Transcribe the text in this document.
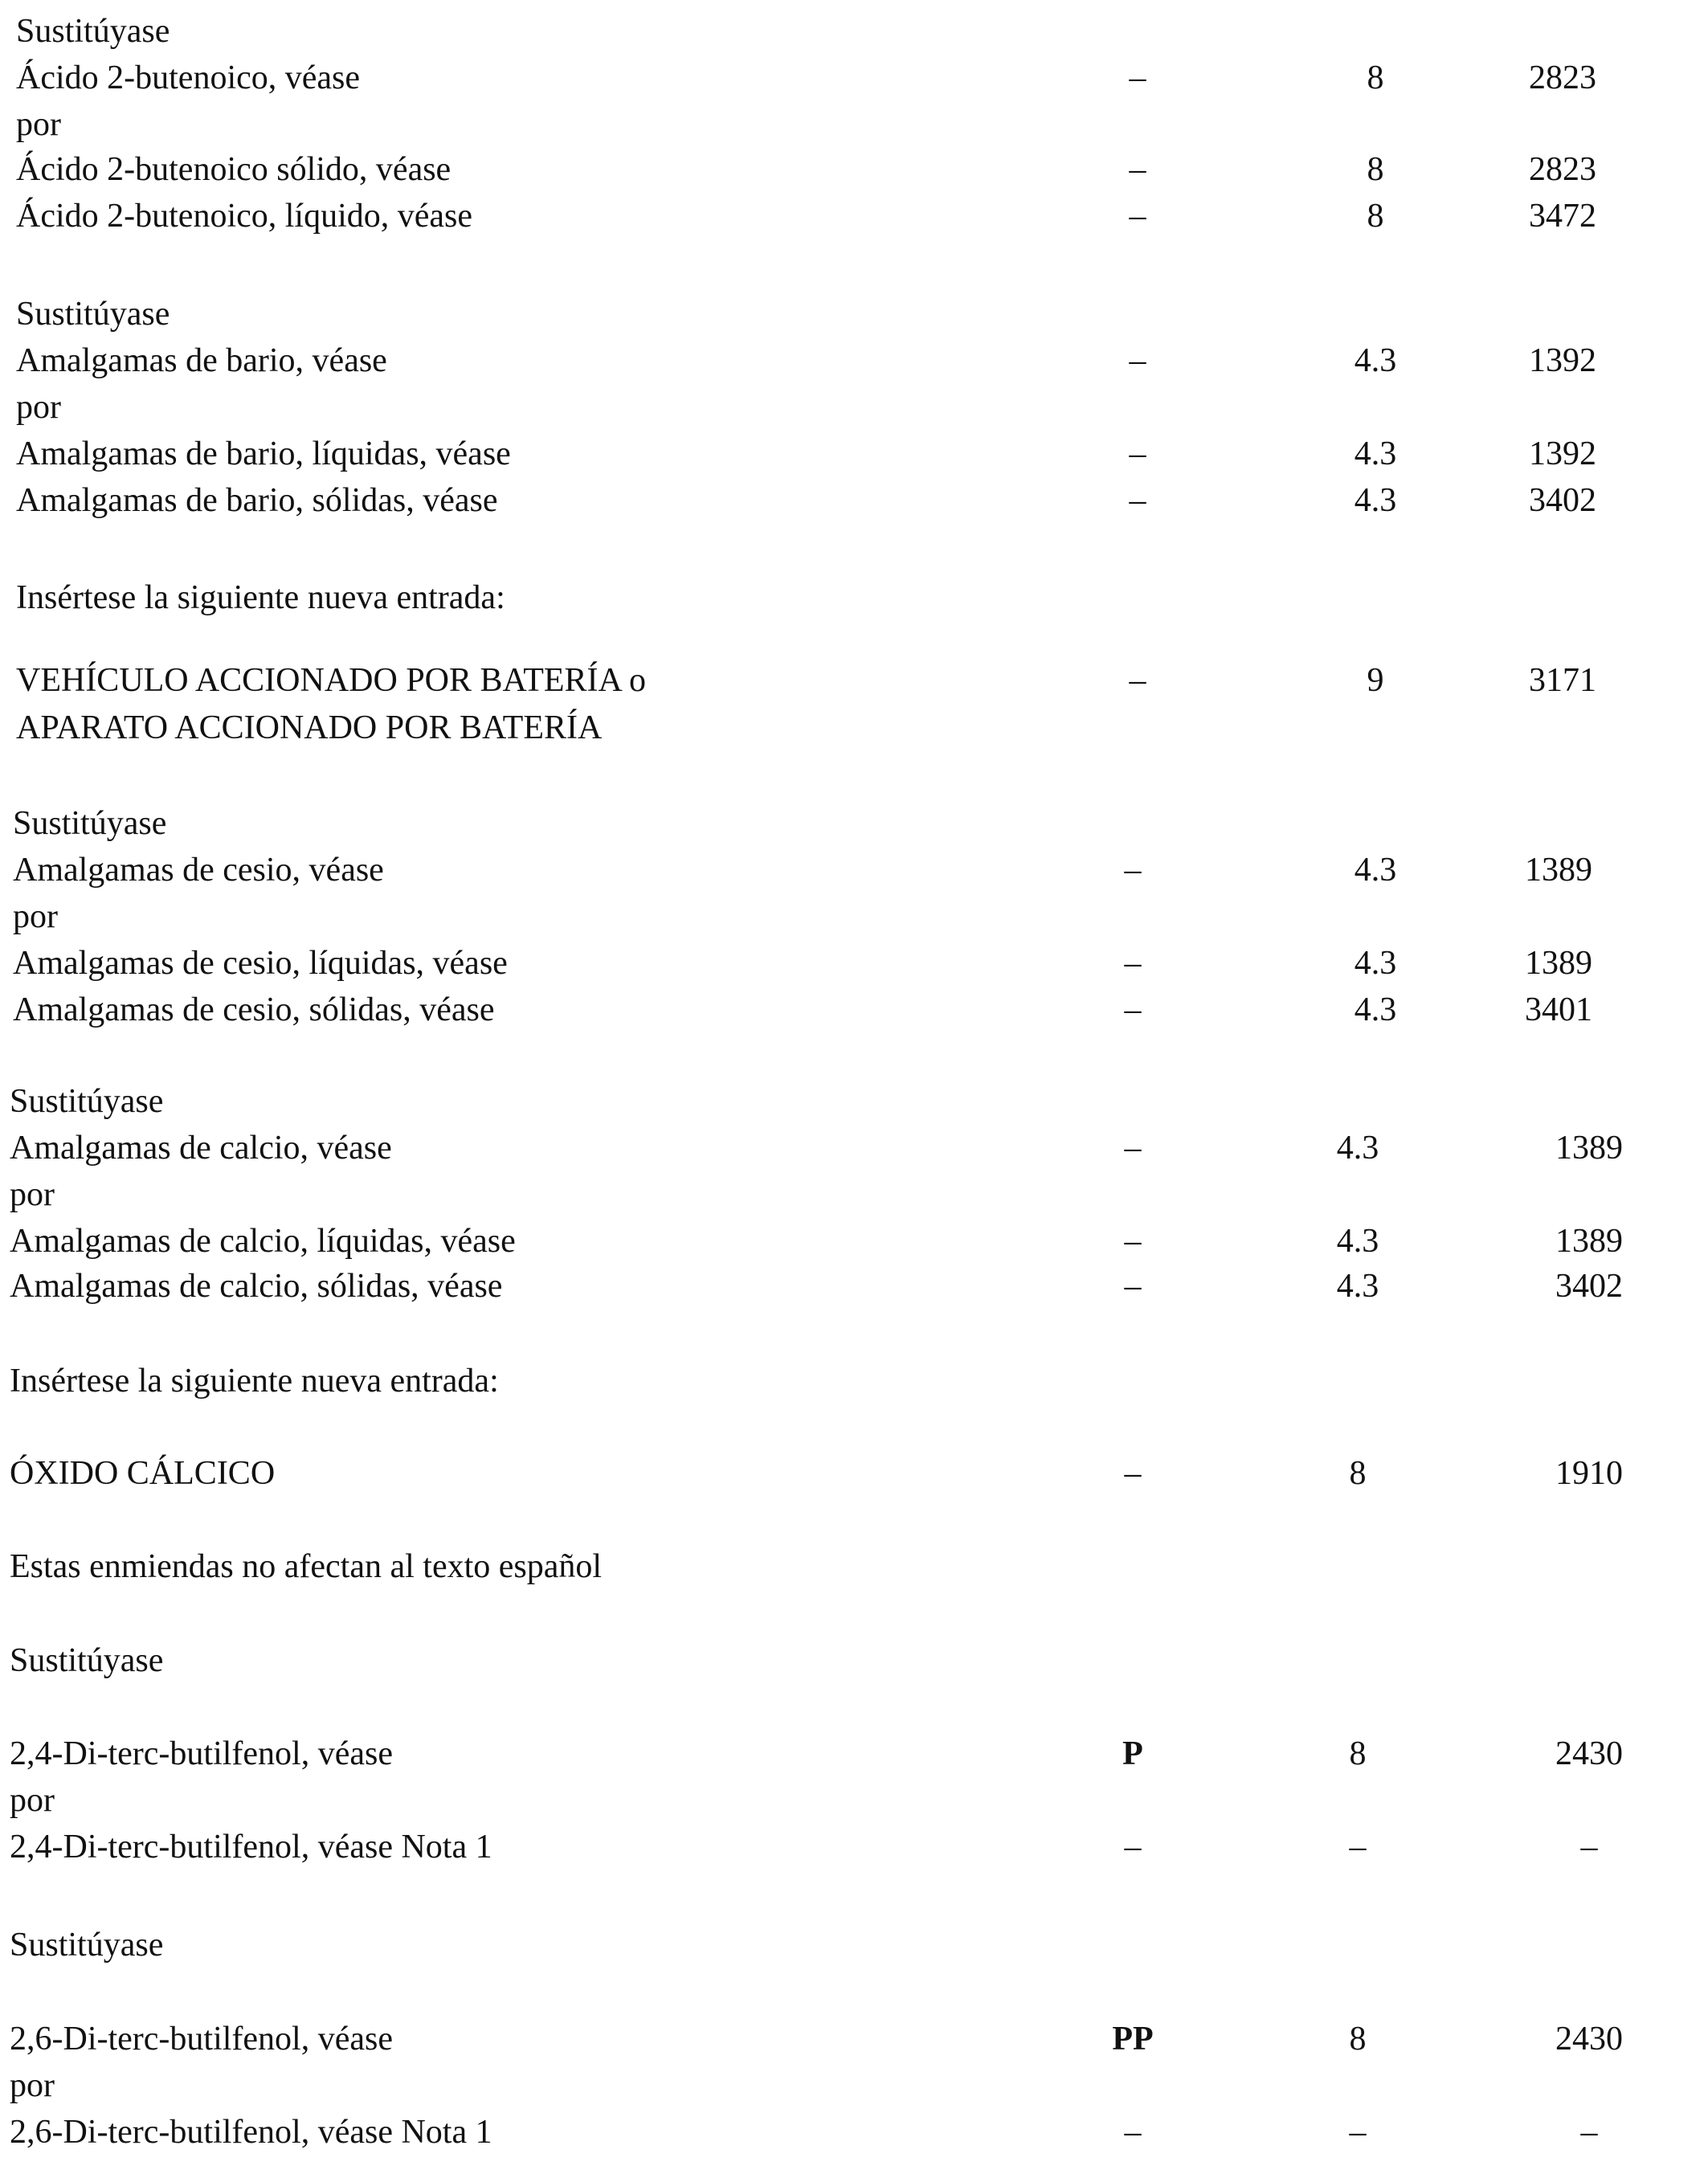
Sustitúyase
Ácido 2-butenoico, véase	–	8	2823
por
Ácido 2-butenoico sólido, véase	–	8	2823
Ácido 2-butenoico, líquido, véase	–	8	3472
Sustitúyase
Amalgamas de bario, véase	–	4.3	1392
por
Amalgamas de bario, líquidas, véase	–	4.3	1392
Amalgamas de bario, sólidas, véase	–	4.3	3402
Insértese la siguiente nueva entrada:
VEHÍCULO ACCIONADO POR BATERÍA o	–	9	3171
APARATO ACCIONADO POR BATERÍA
Sustitúyase
Amalgamas de cesio, véase	–	4.3	1389
por
Amalgamas de cesio, líquidas, véase	–	4.3	1389
Amalgamas de cesio, sólidas, véase	–	4.3	3401
Sustitúyase
Amalgamas de calcio, véase	–	4.3	1389
por
Amalgamas de calcio, líquidas, véase	–	4.3	1389
Amalgamas de calcio, sólidas, véase	–	4.3	3402
Insértese la siguiente nueva entrada:
ÓXIDO CÁLCICO	–	8	1910
Estas enmiendas no afectan al texto español
Sustitúyase
2,4-Di-terc-butilfenol, véase	P	8	2430
por
2,4-Di-terc-butilfenol, véase Nota 1	–	–	–
Sustitúyase
2,6-Di-terc-butilfenol, véase	PP	8	2430
por
2,6-Di-terc-butilfenol, véase Nota 1	–	–	–
